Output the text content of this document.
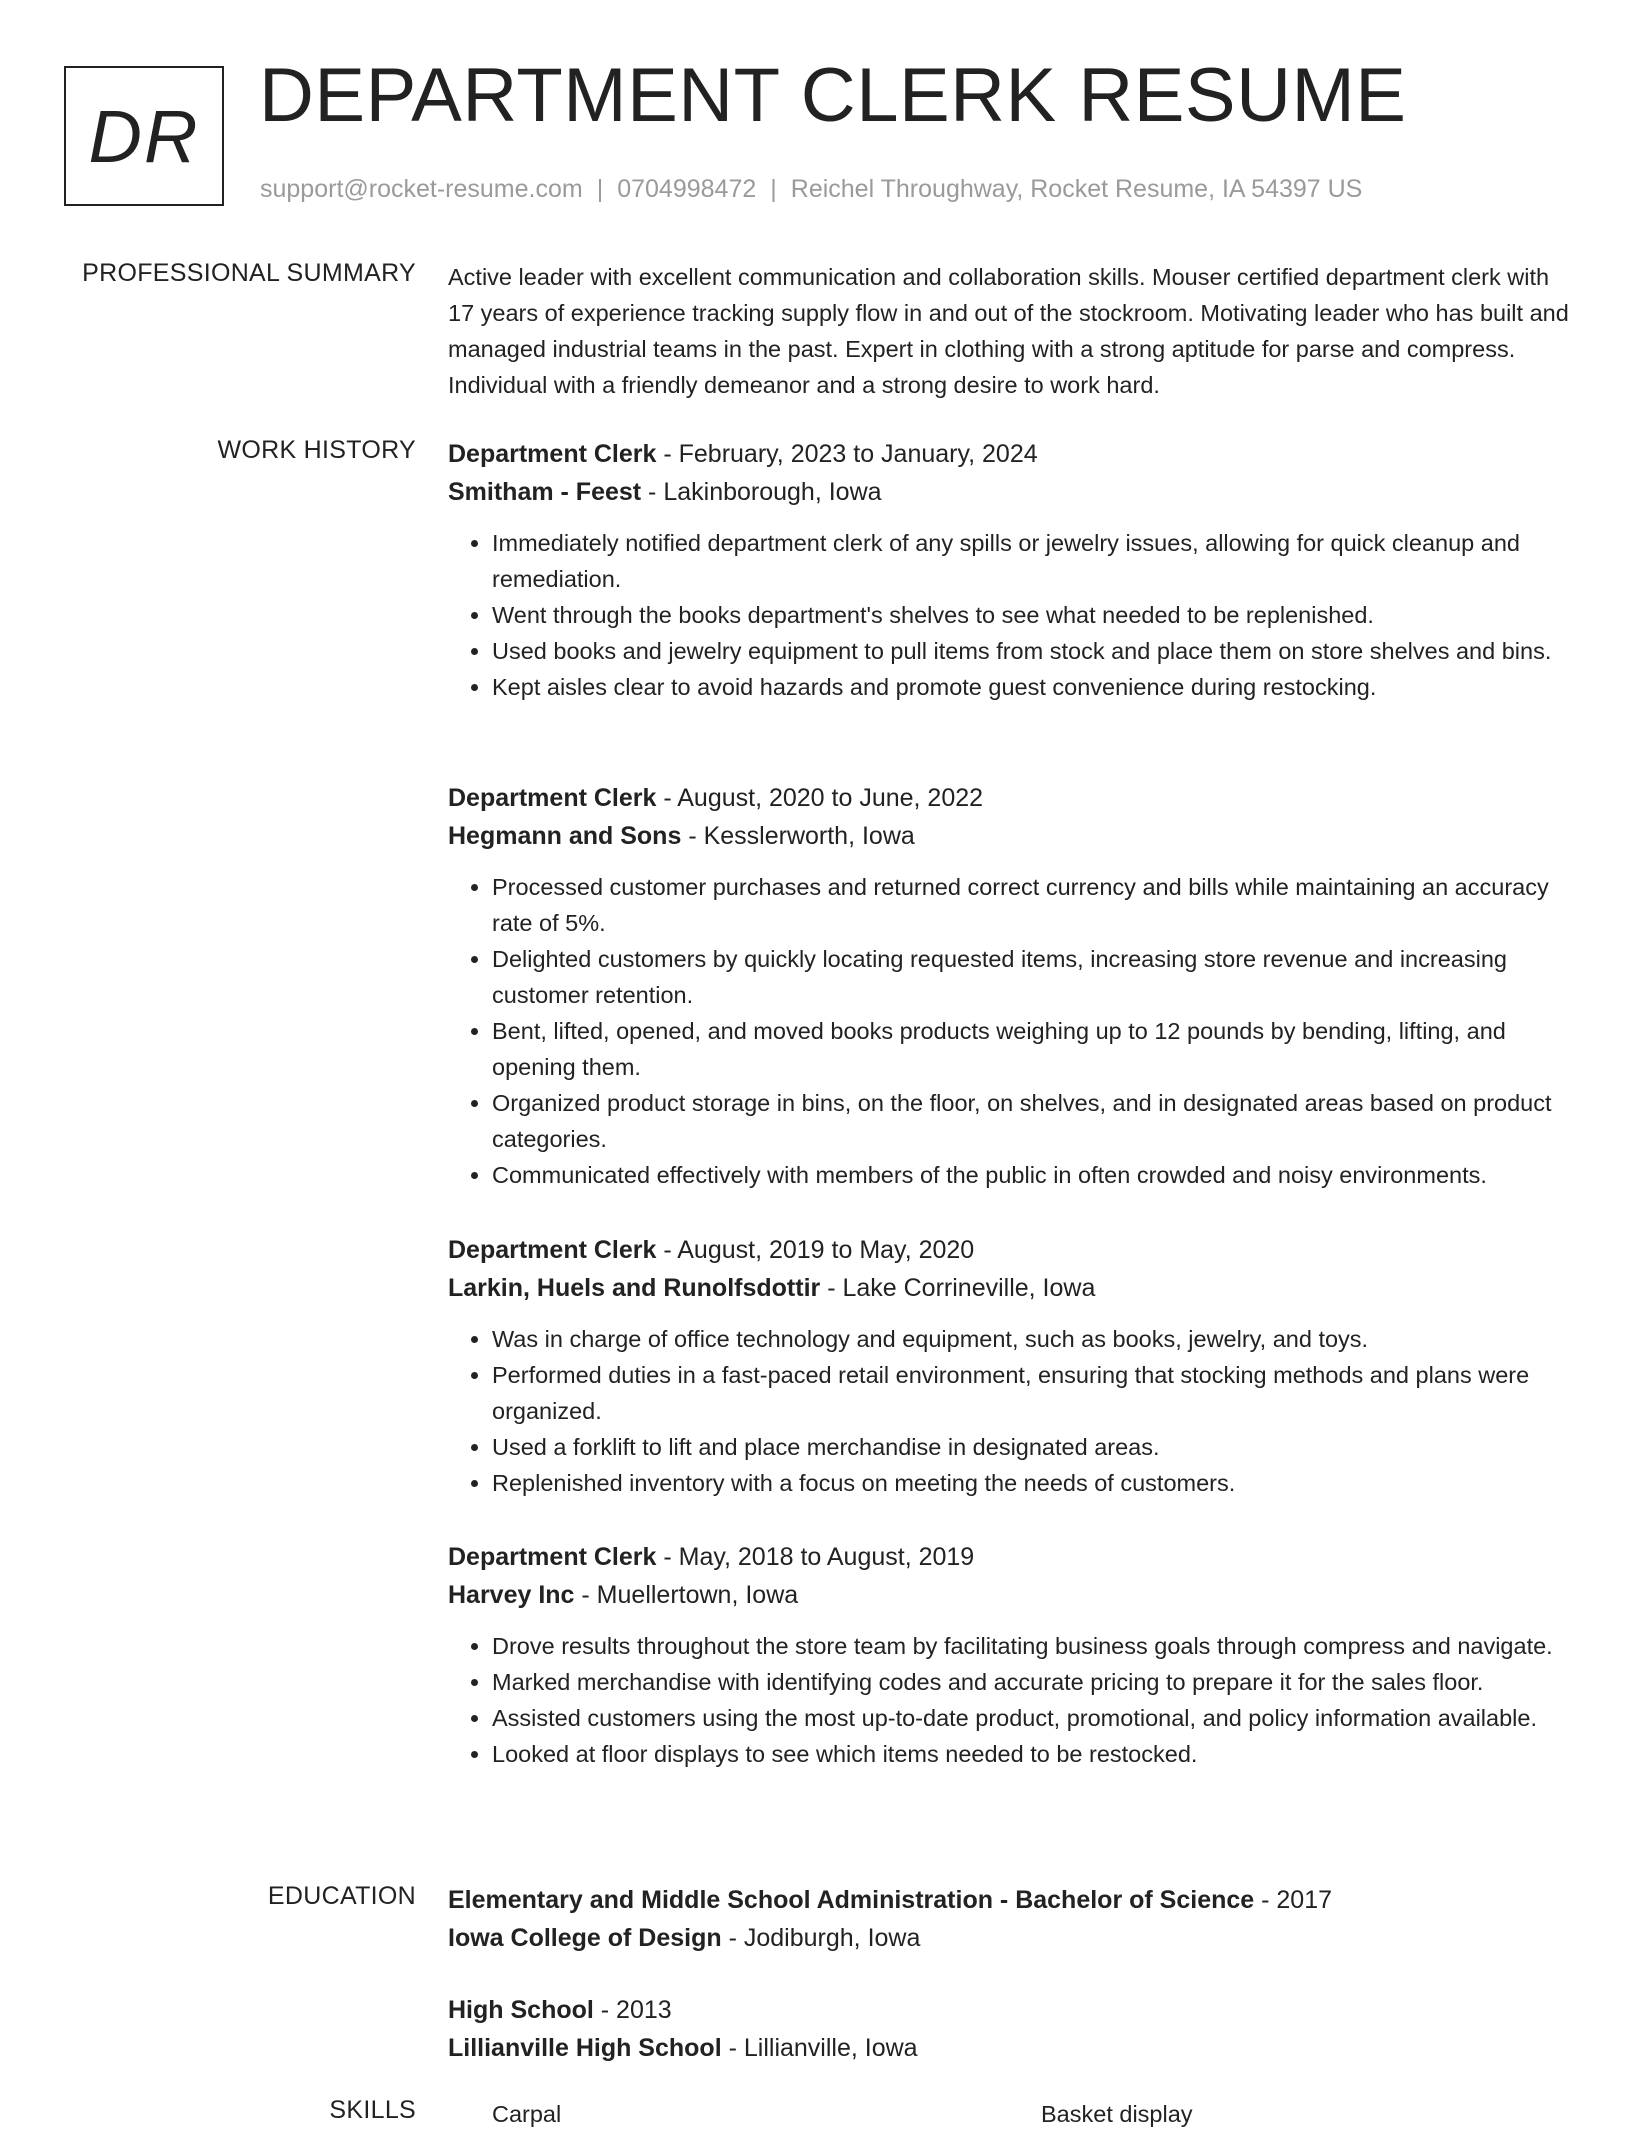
DR DEPARTMENT CLERK RESUME
support@rocket-resume.com | 0704998472 | Reichel Throughway, Rocket Resume, IA 54397 US
PROFESSIONAL SUMMARY Active leader with excellent communication and collaboration skills. Mouser certified department clerk with 17 years of experience tracking supply flow in and out of the stockroom. Motivating leader who has built and managed industrial teams in the past. Expert in clothing with a strong aptitude for parse and compress. Individual with a friendly demeanor and a strong desire to work hard.
WORK HISTORY Department Clerk - February, 2023 to January, 2024
Smitham - Feest - Lakinborough, Iowa
• Immediately notified department clerk of any spills or jewelry issues, allowing for quick cleanup and remediation.
• Went through the books department's shelves to see what needed to be replenished.
• Used books and jewelry equipment to pull items from stock and place them on store shelves and bins.
• Kept aisles clear to avoid hazards and promote guest convenience during restocking.
Department Clerk - August, 2020 to June, 2022
Hegmann and Sons - Kesslerworth, Iowa
• Processed customer purchases and returned correct currency and bills while maintaining an accuracy rate of 5%.
• Delighted customers by quickly locating requested items, increasing store revenue and increasing customer retention.
• Bent, lifted, opened, and moved books products weighing up to 12 pounds by bending, lifting, and opening them.
• Organized product storage in bins, on the floor, on shelves, and in designated areas based on product categories.
• Communicated effectively with members of the public in often crowded and noisy environments.
Department Clerk - August, 2019 to May, 2020
Larkin, Huels and Runolfsdottir - Lake Corrineville, Iowa
• Was in charge of office technology and equipment, such as books, jewelry, and toys.
• Performed duties in a fast-paced retail environment, ensuring that stocking methods and plans were organized.
• Used a forklift to lift and place merchandise in designated areas.
• Replenished inventory with a focus on meeting the needs of customers.
Department Clerk - May, 2018 to August, 2019
Harvey Inc - Muellertown, Iowa
• Drove results throughout the store team by facilitating business goals through compress and navigate.
• Marked merchandise with identifying codes and accurate pricing to prepare it for the sales floor.
• Assisted customers using the most up-to-date product, promotional, and policy information available.
• Looked at floor displays to see which items needed to be restocked.
EDUCATION Elementary and Middle School Administration - Bachelor of Science - 2017
Iowa College of Design - Jodiburgh, Iowa
High School - 2013
Lillianville High School - Lillianville, Iowa
SKILLS	Carpal	Basket display
